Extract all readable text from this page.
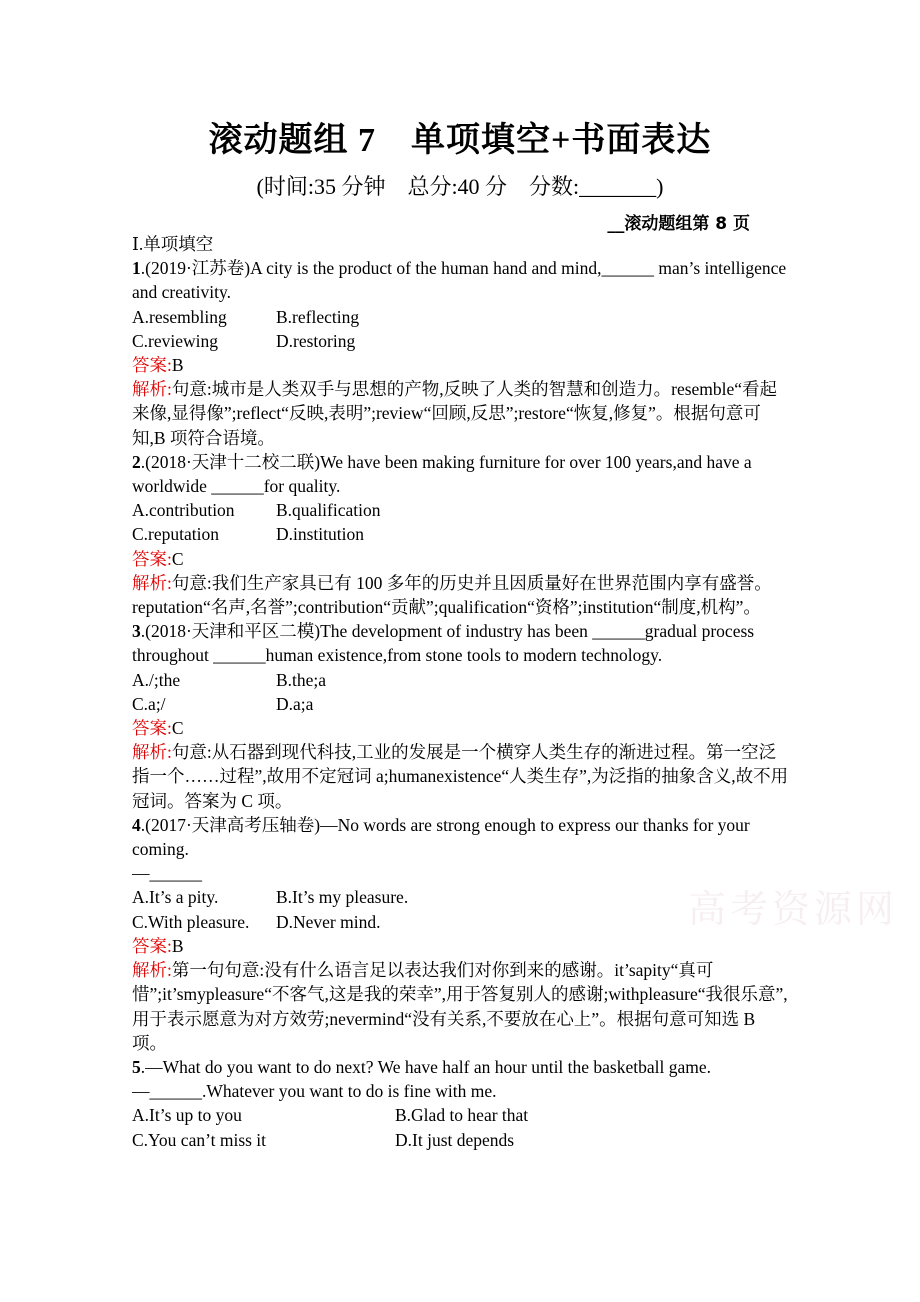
滚动题组 7　单项填空+书面表达
(时间:35 分钟　总分:40 分　分数:_______)
__滚动题组第 8 页
高考资源网
Ⅰ.单项填空
1.(2019·江苏卷)A city is the product of the human hand and mind,______ man’s intelligence and creativity.
A.resembling	B.reflecting
C.reviewing	D.restoring
答案:B
解析:句意:城市是人类双手与思想的产物,反映了人类的智慧和创造力。resemble“看起来像,显得像”;reflect“反映,表明”;review“回顾,反思”;restore“恢复,修复”。根据句意可知,B 项符合语境。
2.(2018·天津十二校二联)We have been making furniture for over 100 years,and have a worldwide ______for quality.
A.contribution	B.qualification
C.reputation	D.institution
答案:C
解析:句意:我们生产家具已有 100 多年的历史并且因质量好在世界范围内享有盛誉。reputation“名声,名誉”;contribution“贡献”;qualification“资格”;institution“制度,机构”。
3.(2018·天津和平区二模)The development of industry has been ______gradual process throughout ______human existence,from stone tools to modern technology.
A./;the	B.the;a
C.a;/	D.a;a
答案:C
解析:句意:从石器到现代科技,工业的发展是一个横穿人类生存的渐进过程。第一空泛指一个……过程”,故用不定冠词 a;humanexistence“人类生存”,为泛指的抽象含义,故不用冠词。答案为 C 项。
4.(2017·天津高考压轴卷)—No words are strong enough to express our thanks for your coming.
—______
A.It’s a pity.	B.It’s my pleasure.
C.With pleasure.	D.Never mind.
答案:B
解析:第一句句意:没有什么语言足以表达我们对你到来的感谢。it’sapity“真可惜”;it’smypleasure“不客气,这是我的荣幸”,用于答复别人的感谢;withpleasure“我很乐意”,用于表示愿意为对方效劳;nevermind“没有关系,不要放在心上”。根据句意可知选 B 项。
5.—What do you want to do next? We have half an hour until the basketball game.
—______.Whatever you want to do is fine with me.
A.It’s up to you	B.Glad to hear that
C.You can’t miss it	D.It just depends
